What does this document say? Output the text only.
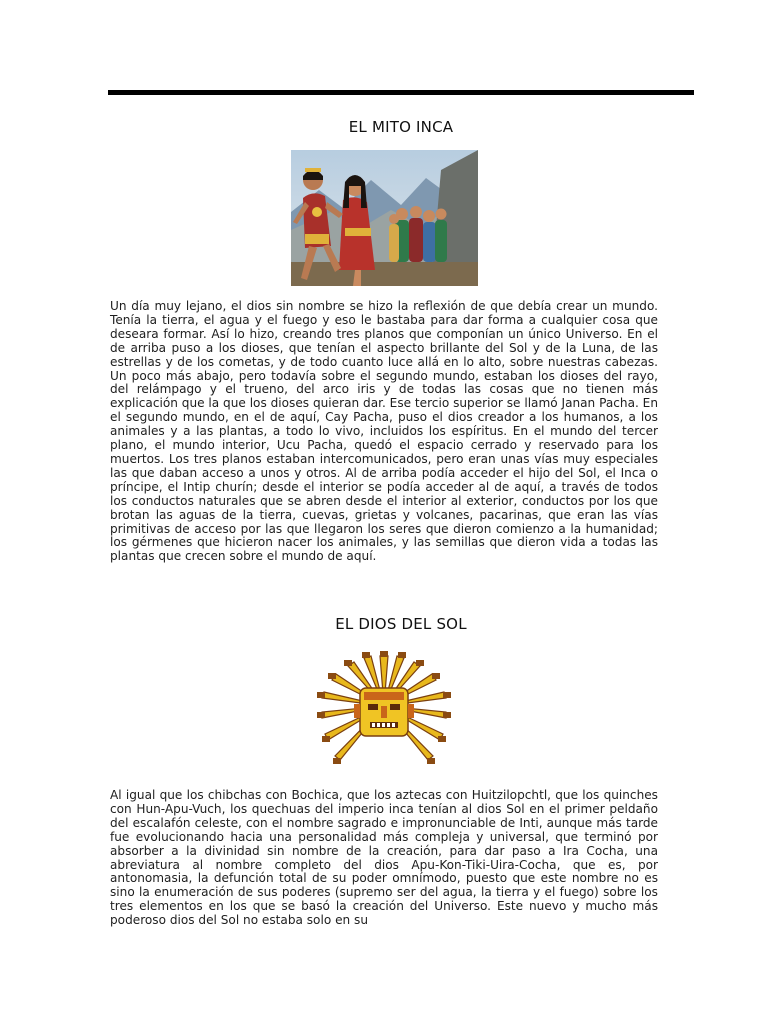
EL MITO INCA

Un día muy lejano, el dios sin nombre se hizo la reflexión de que debía crear un mundo. Tenía la tierra, el agua y el fuego y eso le bastaba para dar forma a cualquier cosa que deseara formar. Así lo hizo, creando tres planos que componían un único Universo. En el de arriba puso a los dioses, que tenían el aspecto brillante del Sol y de la Luna, de las estrellas y de los cometas, y de todo cuanto luce allá en lo alto, sobre nuestras cabezas. Un poco más abajo, pero todavía sobre el segundo mundo, estaban los dioses del rayo, del relámpago y el trueno, del arco iris y de todas las cosas que no tienen más explicación que la que los dioses quieran dar. Ese tercio superior se llamó Janan Pacha. En el segundo mundo, en el de aquí, Cay Pacha, puso el dios creador a los humanos, a los animales y a las plantas, a todo lo vivo, incluidos los espíritus. En el mundo del tercer plano, el mundo interior, Ucu Pacha, quedó el espacio cerrado y reservado para los muertos. Los tres planos estaban intercomunicados, pero eran unas vías muy especiales las que daban acceso a unos y otros. Al de arriba podía acceder el hijo del Sol, el Inca o príncipe, el Intip churín; desde el interior se podía acceder al de aquí, a través de todos los conductos naturales que se abren desde el interior al exterior, conductos por los que brotan las aguas de la tierra, cuevas, grietas y volcanes, pacarinas, que eran las vías primitivas de acceso por las que llegaron los seres que dieron comienzo a la humanidad; los gérmenes que hicieron nacer los animales, y las semillas que dieron vida a todas las plantas que crecen sobre el mundo de aquí.

EL DIOS DEL SOL

Al igual que los chibchas con Bochica, que los aztecas con Huitzilopchtl, que los quinches con Hun-Apu-Vuch, los quechuas del imperio inca tenían al dios Sol en el primer peldaño del escalafón celeste, con el nombre sagrado e impronunciable de Inti, aunque más tarde fue evolucionando hacia una personalidad más compleja y universal, que terminó por absorber a la divinidad sin nombre de la creación, para dar paso a Ira Cocha, una abreviatura al nombre completo del dios Apu-Kon-Tiki-Uira-Cocha, que es, por antonomasia, la defunción total de su poder omnímodo, puesto que este nombre no es sino la enumeración de sus poderes (supremo ser del agua, la tierra y el fuego) sobre los tres elementos en los que se basó la creación del Universo. Este nuevo y mucho más poderoso dios del Sol no estaba solo en su
